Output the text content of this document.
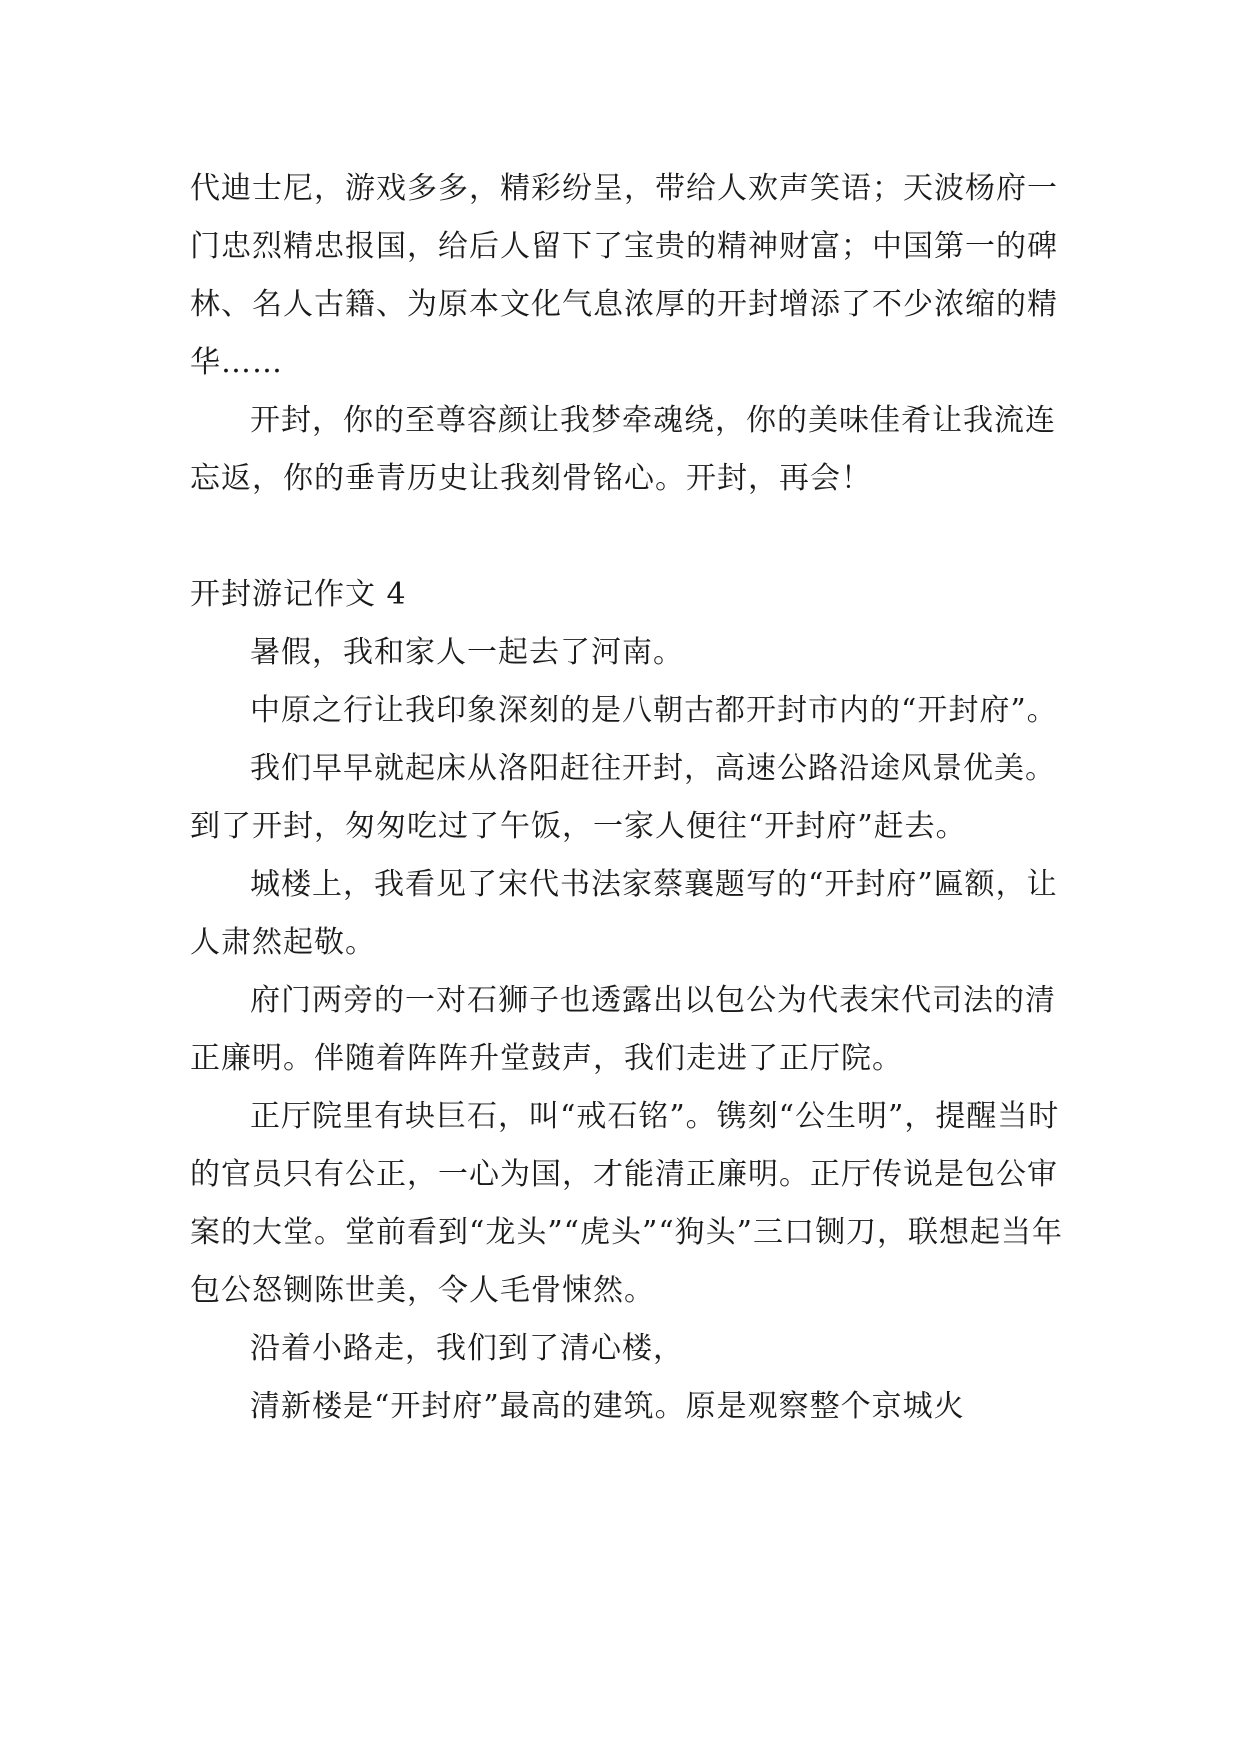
代迪士尼，游戏多多，精彩纷呈，带给人欢声笑语；天波杨府一门忠烈精忠报国，给后人留下了宝贵的精神财富；中国第一的碑林、名人古籍、为原本文化气息浓厚的开封增添了不少浓缩的精华……

开封，你的至尊容颜让我梦牵魂绕，你的美味佳肴让我流连忘返，你的垂青历史让我刻骨铭心。开封，再会！

开封游记作文 4

暑假，我和家人一起去了河南。

中原之行让我印象深刻的是八朝古都开封市内的“开封府”。

我们早早就起床从洛阳赶往开封，高速公路沿途风景优美。到了开封，匆匆吃过了午饭，一家人便往“开封府”赶去。

城楼上，我看见了宋代书法家蔡襄题写的“开封府”匾额，让人肃然起敬。

府门两旁的一对石狮子也透露出以包公为代表宋代司法的清正廉明。伴随着阵阵升堂鼓声，我们走进了正厅院。

正厅院里有块巨石，叫“戒石铭”。镌刻“公生明”，提醒当时的官员只有公正，一心为国，才能清正廉明。正厅传说是包公审案的大堂。堂前看到“龙头”“虎头”“狗头”三口铡刀，联想起当年包公怒铡陈世美，令人毛骨悚然。

沿着小路走，我们到了清心楼，

清新楼是“开封府”最高的建筑。原是观察整个京城火
